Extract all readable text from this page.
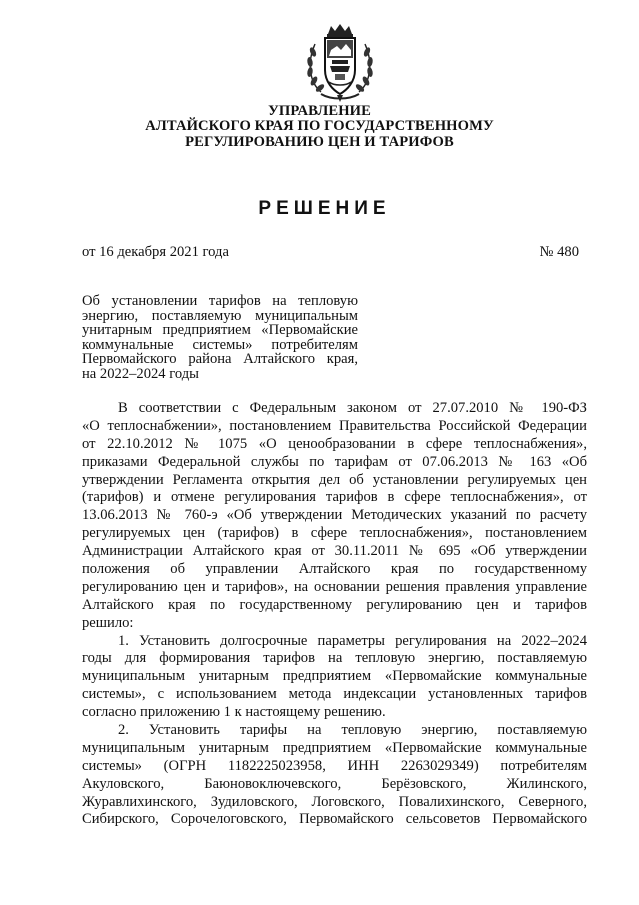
УПРАВЛЕНИЕ
АЛТАЙСКОГО КРАЯ ПО ГОСУДАРСТВЕННОМУ
РЕГУЛИРОВАНИЮ ЦЕН И ТАРИФОВ
РЕШЕНИЕ
от 16 декабря 2021 года	№ 480
Об установлении тарифов на тепловую
энергию, поставляемую муниципальным
унитарным предприятием «Первомайские
коммунальные системы» потребителям
Первомайского района Алтайского края,
на 2022–2024 годы
В соответствии с Федеральным законом от 27.07.2010 № 190-ФЗ
«О теплоснабжении», постановлением Правительства Российской Федерации
от 22.10.2012 № 1075 «О ценообразовании в сфере теплоснабжения»,
приказами Федеральной службы по тарифам от 07.06.2013 № 163 «Об
утверждении Регламента открытия дел об установлении регулируемых цен
(тарифов) и отмене регулирования тарифов в сфере теплоснабжения», от
13.06.2013 № 760-э «Об утверждении Методических указаний по расчету
регулируемых цен (тарифов) в сфере теплоснабжения», постановлением
Администрации Алтайского края от 30.11.2011 № 695 «Об утверждении
положения об управлении Алтайского края по государственному
регулированию цен и тарифов», на основании решения правления управление
Алтайского края по государственному регулированию цен и тарифов
решило:
1. Установить долгосрочные параметры регулирования на 2022–2024
годы для формирования тарифов на тепловую энергию, поставляемую
муниципальным унитарным предприятием «Первомайские коммунальные
системы», с использованием метода индексации установленных тарифов
согласно приложению 1 к настоящему решению.
2. Установить тарифы на тепловую энергию, поставляемую
муниципальным унитарным предприятием «Первомайские коммунальные
системы» (ОГРН 1182225023958, ИНН 2263029349) потребителям
Акуловского, Баюновоключевского, Берёзовского, Жилинского,
Журавлихинского, Зудиловского, Логовского, Повалихинского, Северного,
Сибирского, Сорочелоговского, Первомайского сельсоветов Первомайского
